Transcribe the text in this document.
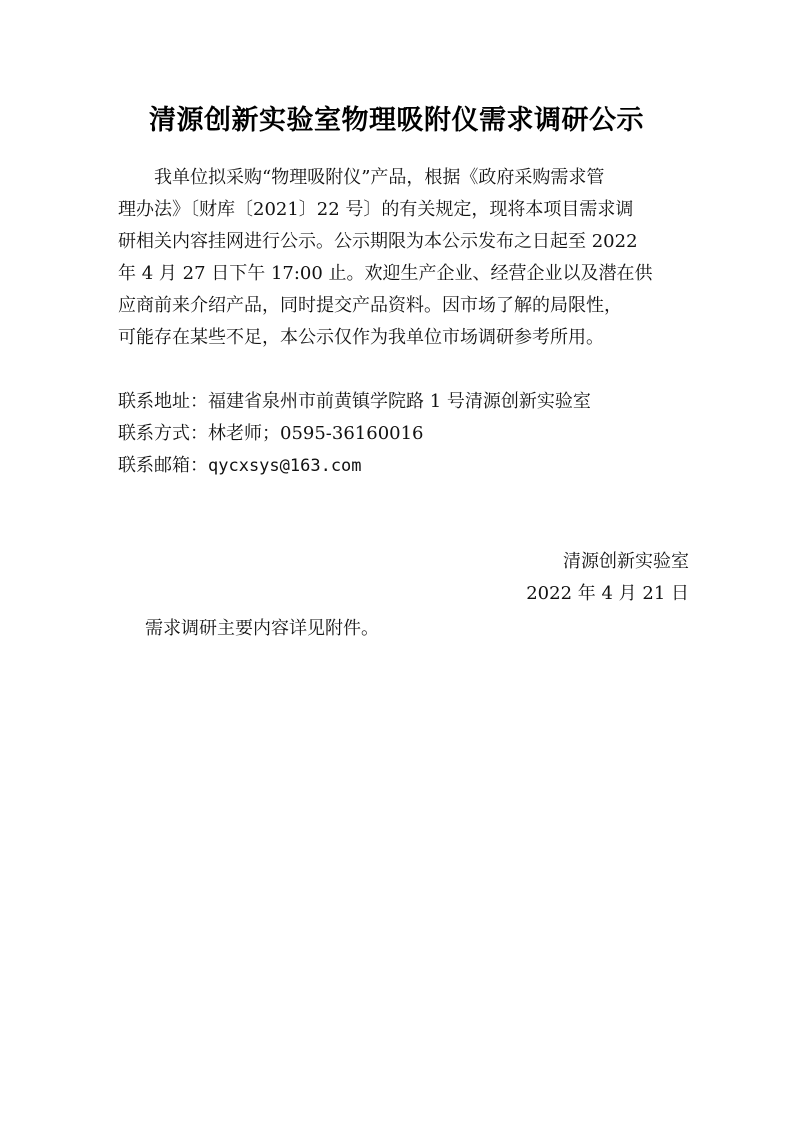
清源创新实验室物理吸附仪需求调研公示
我单位拟采购“物理吸附仪”产品，根据《政府采购需求管
理办法》〔财库〔2021〕22 号〕的有关规定，现将本项目需求调
研相关内容挂网进行公示。公示期限为本公示发布之日起至 2022
年 4 月 27 日下午 17:00 止。欢迎生产企业、经营企业以及潜在供
应商前来介绍产品，同时提交产品资料。因市场了解的局限性，
可能存在某些不足，本公示仅作为我单位市场调研参考所用。
联系地址：福建省泉州市前黄镇学院路 1 号清源创新实验室
联系方式：林老师；0595-36160016
联系邮箱：qycxsys@163.com
清源创新实验室
2022 年 4 月 21 日
需求调研主要内容详见附件。
